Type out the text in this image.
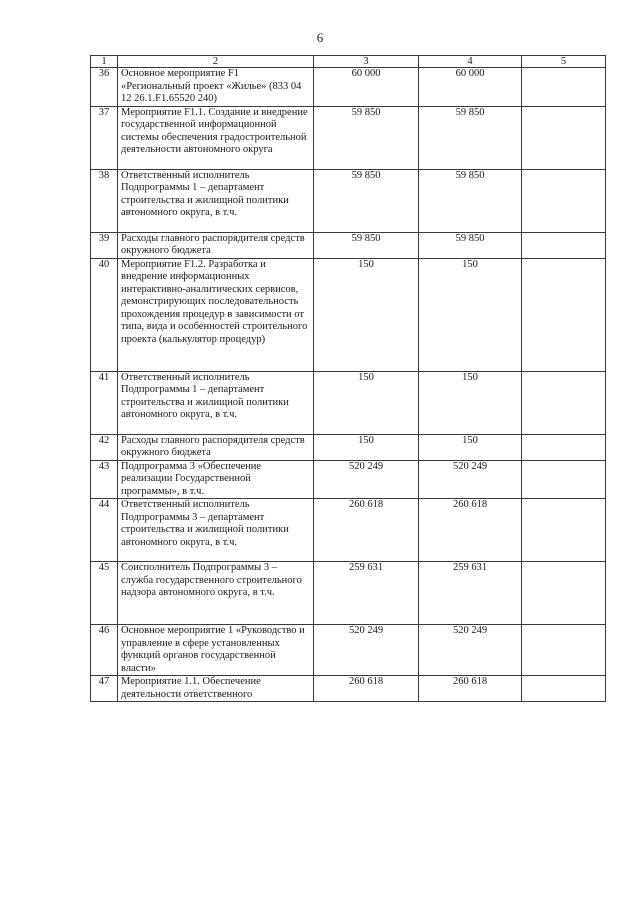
6
1	2	3	4	5
36	Основное мероприятие F1 «Региональный проект «Жилье» (833 04 12 26.1.F1.65520 240)	60 000	60 000	
37	Мероприятие F1.1. Создание и внедрение государственной информационной системы обеспечения градостроительной деятельности автономного округа	59 850	59 850	
38	Ответственный исполнитель Подпрограммы 1 – департамент строительства и жилищной политики автономного округа, в т.ч.	59 850	59 850	
39	Расходы главного распорядителя средств окружного бюджета	59 850	59 850	
40	Мероприятие F1.2. Разработка и внедрение информационных интерактивно-аналитических сервисов, демонстрирующих последовательность прохождения процедур в зависимости от типа, вида и особенностей строительного проекта (калькулятор процедур)	150	150	
41	Ответственный исполнитель Подпрограммы 1 – департамент строительства и жилищной политики автономного округа, в т.ч.	150	150	
42	Расходы главного распорядителя средств окружного бюджета	150	150	
43	Подпрограмма 3 «Обеспечение реализации Государственной программы», в т.ч.	520 249	520 249	
44	Ответственный исполнитель Подпрограммы 3 – департамент строительства и жилищной политики автономного округа, в т.ч.	260 618	260 618	
45	Соисполнитель Подпрограммы 3 – служба государственного строительного надзора автономного округа, в т.ч.	259 631	259 631	
46	Основное мероприятие 1 «Руководство и управление в сфере установленных функций органов государственной власти»	520 249	520 249	
47	Мероприятие 1.1. Обеспечение деятельности ответственного	260 618	260 618	
